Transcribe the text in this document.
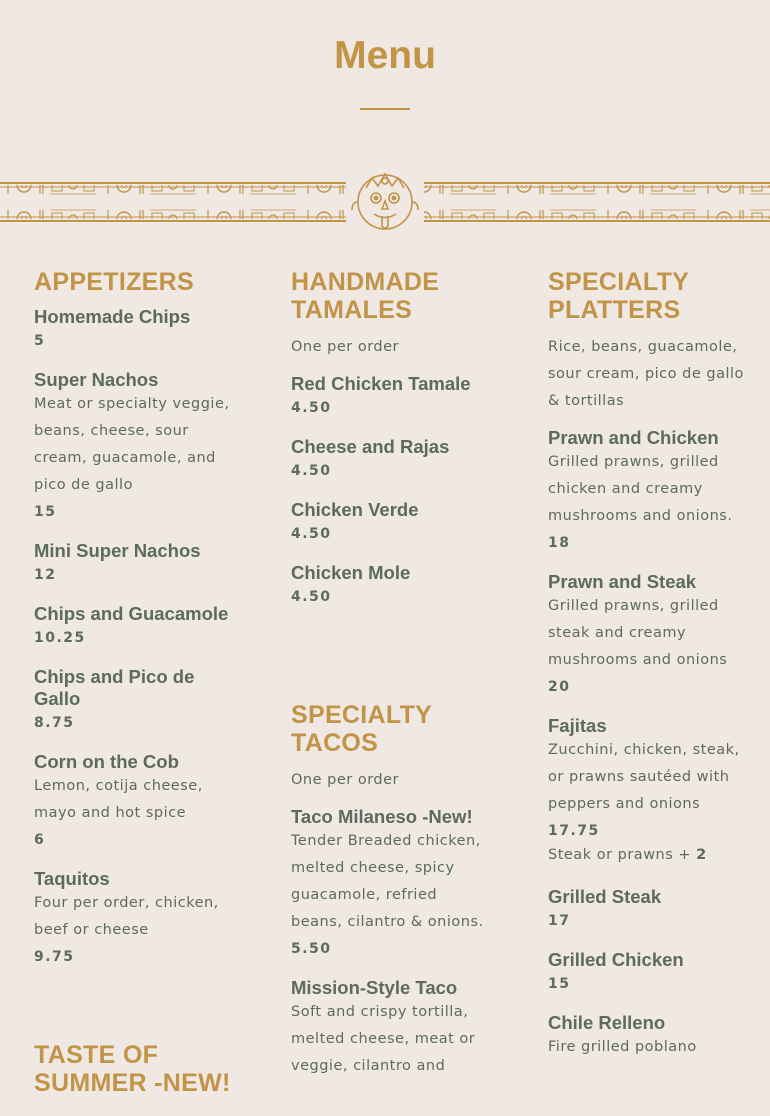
Menu
APPETIZERS
Homemade Chips
5
Super Nachos
Meat or specialty veggie, beans, cheese, sour cream, guacamole, and pico de gallo
15
Mini Super Nachos
12
Chips and Guacamole
10.25
Chips and Pico de Gallo
8.75
Corn on the Cob
Lemon, cotija cheese, mayo and hot spice
6
Taquitos
Four per order, chicken, beef or cheese
9.75
TASTE OF SUMMER -NEW!
HANDMADE TAMALES
One per order
Red Chicken Tamale
4.50
Cheese and Rajas
4.50
Chicken Verde
4.50
Chicken Mole
4.50
SPECIALTY TACOS
One per order
Taco Milaneso -New!
Tender Breaded chicken, melted cheese, spicy guacamole, refried beans, cilantro & onions.
5.50
Mission-Style Taco
Soft and crispy tortilla, melted cheese, meat or veggie, cilantro and
SPECIALTY PLATTERS
Rice, beans, guacamole, sour cream, pico de gallo & tortillas
Prawn and Chicken
Grilled prawns, grilled chicken and creamy mushrooms and onions.
18
Prawn and Steak
Grilled prawns, grilled steak and creamy mushrooms and onions
20
Fajitas
Zucchini, chicken, steak, or prawns sautéed with peppers and onions
17.75
Steak or prawns + 2
Grilled Steak
17
Grilled Chicken
15
Chile Relleno
Fire grilled poblano
